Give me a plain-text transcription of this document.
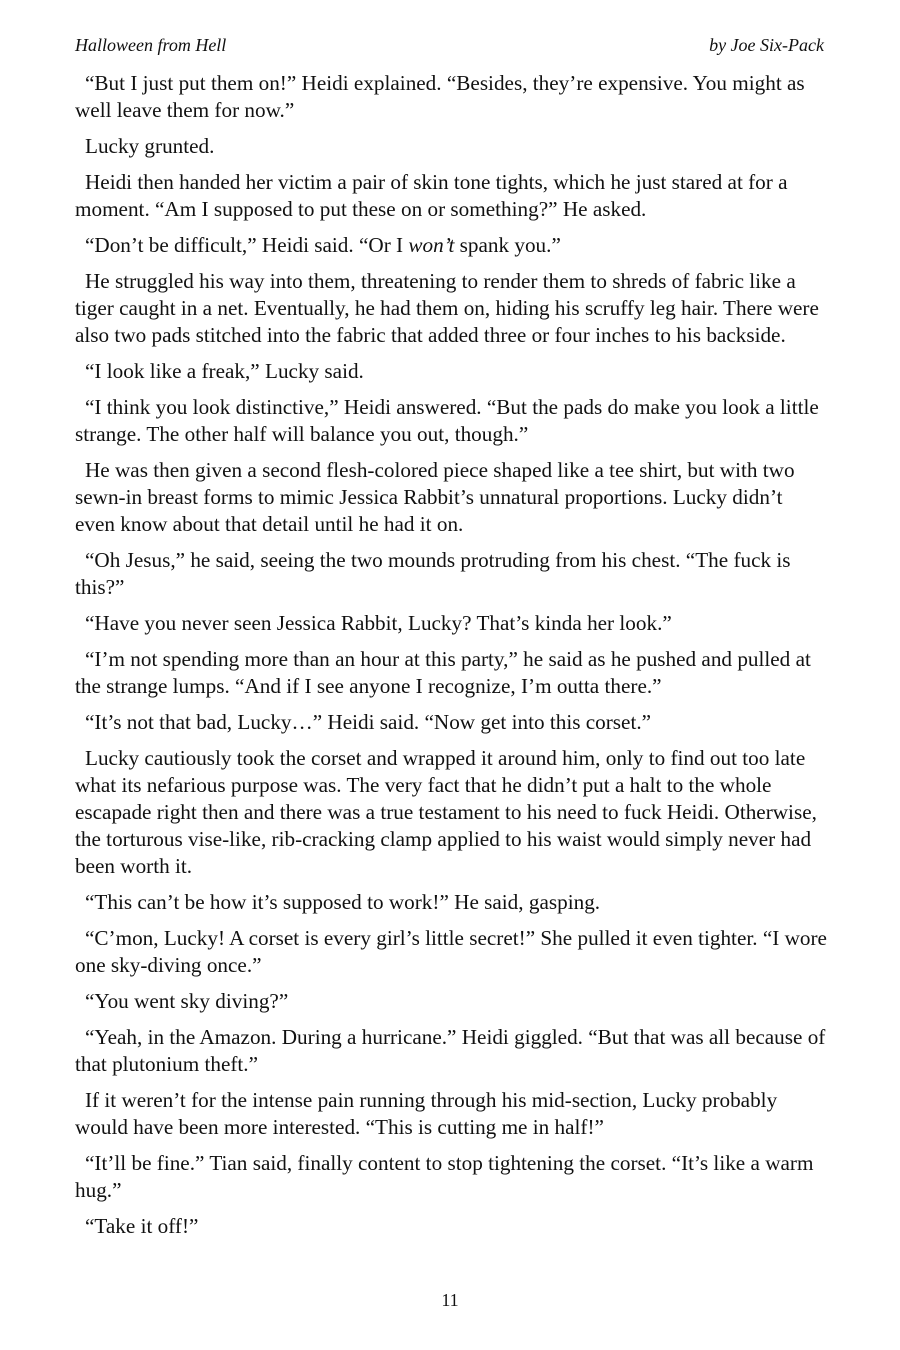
Halloween from Hell	by Joe Six-Pack

“But I just put them on!” Heidi explained. “Besides, they’re expensive. You might as well leave them for now.”

Lucky grunted.

Heidi then handed her victim a pair of skin tone tights, which he just stared at for a moment. “Am I supposed to put these on or something?” He asked.

“Don’t be difficult,” Heidi said. “Or I won’t spank you.”

He struggled his way into them, threatening to render them to shreds of fabric like a tiger caught in a net. Eventually, he had them on, hiding his scruffy leg hair. There were also two pads stitched into the fabric that added three or four inches to his backside.

“I look like a freak,” Lucky said.

“I think you look distinctive,” Heidi answered. “But the pads do make you look a little strange. The other half will balance you out, though.”

He was then given a second flesh-colored piece shaped like a tee shirt, but with two sewn-in breast forms to mimic Jessica Rabbit’s unnatural proportions. Lucky didn’t even know about that detail until he had it on.

“Oh Jesus,” he said, seeing the two mounds protruding from his chest. “The fuck is this?”

“Have you never seen Jessica Rabbit, Lucky? That’s kinda her look.”

“I’m not spending more than an hour at this party,” he said as he pushed and pulled at the strange lumps. “And if I see anyone I recognize, I’m outta there.”

“It’s not that bad, Lucky…” Heidi said. “Now get into this corset.”

Lucky cautiously took the corset and wrapped it around him, only to find out too late what its nefarious purpose was. The very fact that he didn’t put a halt to the whole escapade right then and there was a true testament to his need to fuck Heidi. Otherwise, the torturous vise-like, rib-cracking clamp applied to his waist would simply never had been worth it.

“This can’t be how it’s supposed to work!” He said, gasping.

“C’mon, Lucky! A corset is every girl’s little secret!” She pulled it even tighter. “I wore one sky-diving once.”

“You went sky diving?”

“Yeah, in the Amazon. During a hurricane.” Heidi giggled. “But that was all because of that plutonium theft.”

If it weren’t for the intense pain running through his mid-section, Lucky probably would have been more interested. “This is cutting me in half!”

“It’ll be fine.” Tian said, finally content to stop tightening the corset. “It’s like a warm hug.”

“Take it off!”

11
